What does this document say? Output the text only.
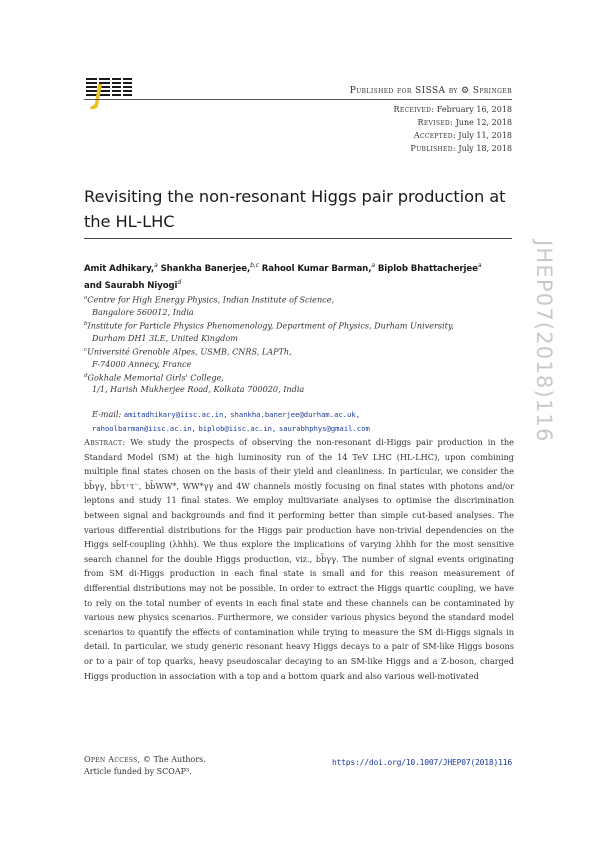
Published for SISSA by ⚙ Springer
Received: February 16, 2018
Revised: June 12, 2018
Accepted: July 11, 2018
Published: July 18, 2018
Revisiting the non-resonant Higgs pair production at the HL-LHC
Amit Adhikary,$^a$ Shankha Banerjee,$^{b,c}$ Rahool Kumar Barman,$^a$ Biplob Bhattacherjee$^a$
and Saurabh Niyogi$^d$

$^a$Centre for High Energy Physics, Indian Institute of Science,
Bangalore 560012, India

$^b$Institute for Particle Physics Phenomenology, Department of Physics, Durham University,
Durham DH1 3LE, United Kingdom

$^c$Université Grenoble Alpes, USMB, CNRS, LAPTh,
F-74000 Annecy, France

$^d$Gokhale Memorial Girls' College,
1/1, Harish Mukherjee Road, Kolkata 700020, India

E-mail: amitadhikary@iisc.ac.in, shankha.banerjee@durham.ac.uk,
rahoolbarman@iisc.ac.in, biplob@iisc.ac.in, saurabhphys@gmail.com
Abstract: We study the prospects of observing the non-resonant di-Higgs pair production in the Standard Model (SM) at the high luminosity run of the 14 TeV LHC (HL-LHC), upon combining multiple final states chosen on the basis of their yield and cleanliness. In particular, we consider the bb̄γγ, bb̄τ⁺τ⁻, bb̄WW*, WW*γγ and 4W channels mostly focusing on final states with photons and/or leptons and study 11 final states. We employ multivariate analyses to optimise the discrimination between signal and backgrounds and find it performing better than simple cut-based analyses. The various differential distributions for the Higgs pair production have non-trivial dependencies on the Higgs self-coupling (λhhh). We thus explore the implications of varying λhhh for the most sensitive search channel for the double Higgs production, viz., bb̄γγ. The number of signal events originating from SM di-Higgs production in each final state is small and for this reason measurement of differential distributions may not be possible. In order to extract the Higgs quartic coupling, we have to rely on the total number of events in each final state and these channels can be contaminated by various new physics scenarios. Furthermore, we consider various physics beyond the standard model scenarios to quantify the effects of contamination while trying to measure the SM di-Higgs signals in detail. In particular, we study generic resonant heavy Higgs decays to a pair of SM-like Higgs bosons or to a pair of top quarks, heavy pseudoscalar decaying to an SM-like Higgs and a Z-boson, charged Higgs production in association with a top and a bottom quark and also various well-motivated
JHEP07(2018)116
Open Access, © The Authors.
Article funded by SCOAP³.
https://doi.org/10.1007/JHEP07(2018)116
